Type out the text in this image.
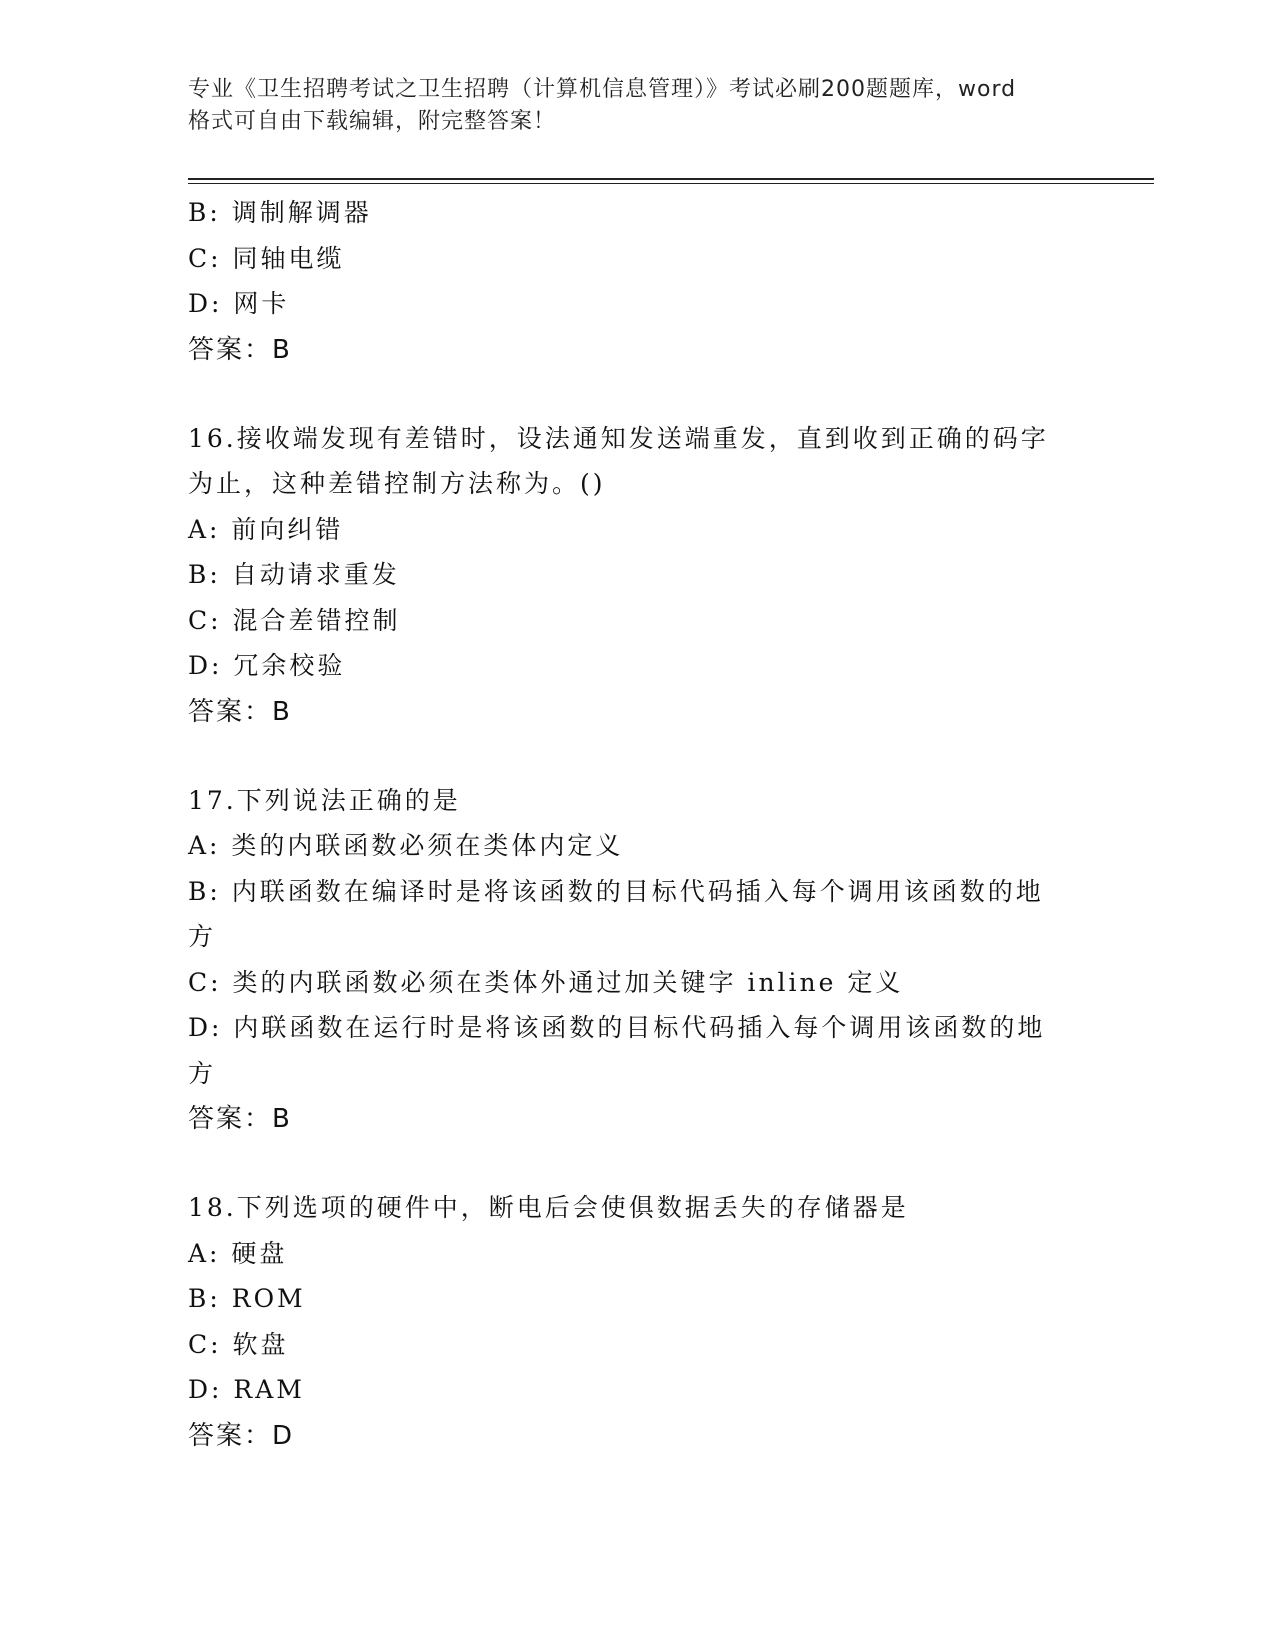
专业《卫生招聘考试之卫生招聘（计算机信息管理）》考试必刷200题题库，word
格式可自由下载编辑，附完整答案！
B: 调制解调器
C: 同轴电缆
D: 网卡
答案：B
16.接收端发现有差错时，设法通知发送端重发，直到收到正确的码字
为止，这种差错控制方法称为。()
A: 前向纠错
B: 自动请求重发
C: 混合差错控制
D: 冗余校验
答案：B
17.下列说法正确的是
A: 类的内联函数必须在类体内定义
B: 内联函数在编译时是将该函数的目标代码插入每个调用该函数的地
方
C: 类的内联函数必须在类体外通过加关键字 inline 定义
D: 内联函数在运行时是将该函数的目标代码插入每个调用该函数的地
方
答案：B
18.下列选项的硬件中，断电后会使俱数据丢失的存储器是
A: 硬盘
B: ROM
C: 软盘
D: RAM
答案：D
